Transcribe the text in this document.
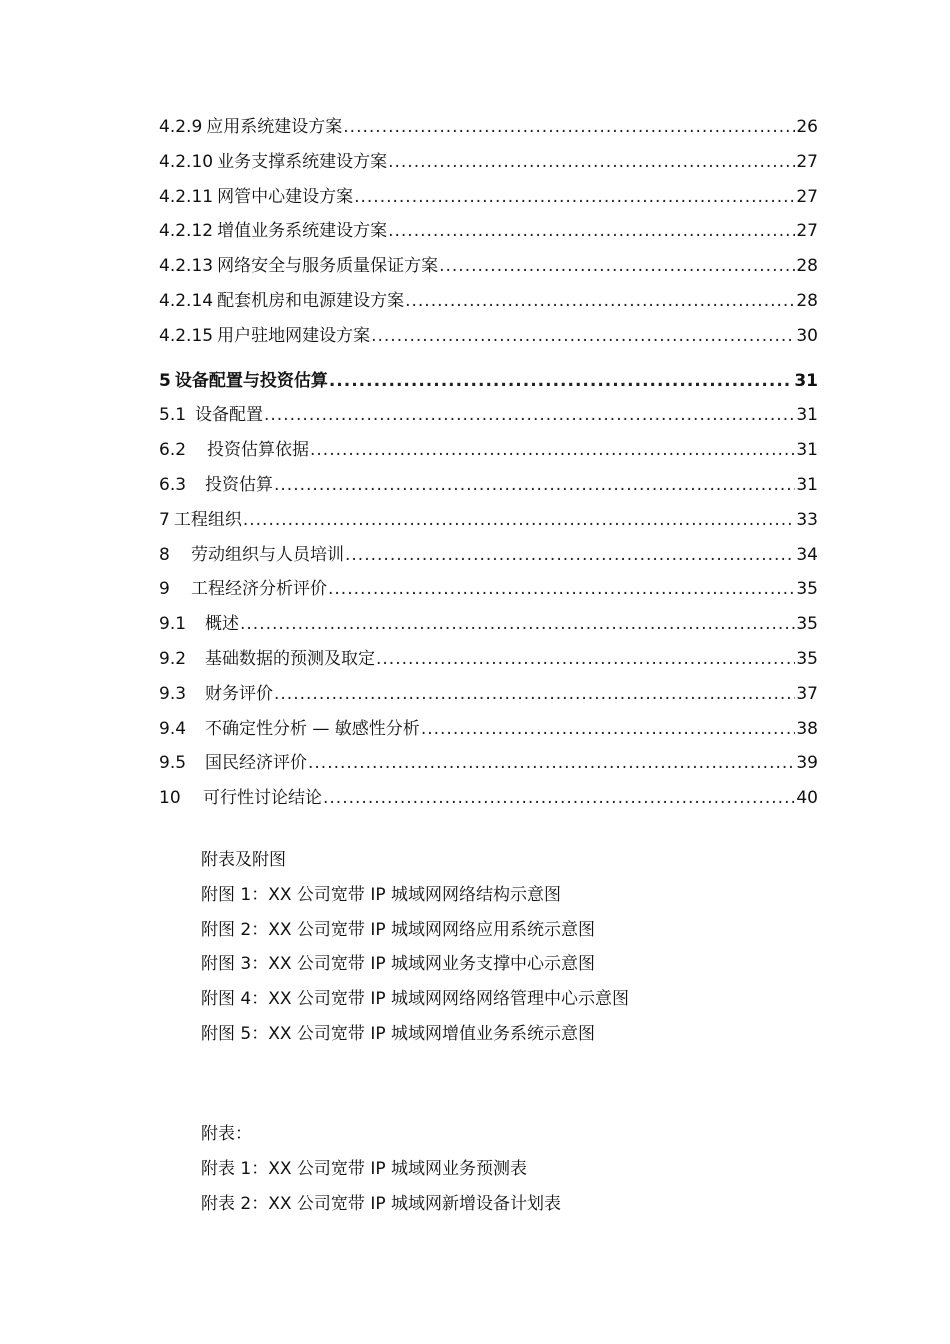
4.2.9 应用系统建设方案 .....	26
4.2.10 业务支撑系统建设方案 .....	27
4.2.11 网管中心建设方案 .....	27
4.2.12 增值业务系统建设方案 .....	27
4.2.13 网络安全与服务质量保证方案 .....	28
4.2.14 配套机房和电源建设方案 .....	28
4.2.15 用户驻地网建设方案 .....	30
5 设备配置与投资估算 .....	31
5.1 设备配置 .....	31
6.2 投资估算依据 .....	31
6.3 投资估算 .....	31
7 工程组织 .....	33
8 劳动组织与人员培训 .....	34
9 工程经济分析评价 .....	35
9.1 概述 .....	35
9.2 基础数据的预测及取定 .....	35
9.3 财务评价 .....	37
9.4 不确定性分析 — 敏感性分析 .....	38
9.5 国民经济评价 .....	39
10 可行性讨论结论 .....	40
附表及附图
附图 1：XX 公司宽带 IP 城域网网络结构示意图
附图 2：XX 公司宽带 IP 城域网网络应用系统示意图
附图 3：XX 公司宽带 IP 城域网业务支撑中心示意图
附图 4：XX 公司宽带 IP 城域网网络网络管理中心示意图
附图 5：XX 公司宽带 IP 城域网增值业务系统示意图
附表：
附表 1：XX 公司宽带 IP 城域网业务预测表
附表 2：XX 公司宽带 IP 城域网新增设备计划表
